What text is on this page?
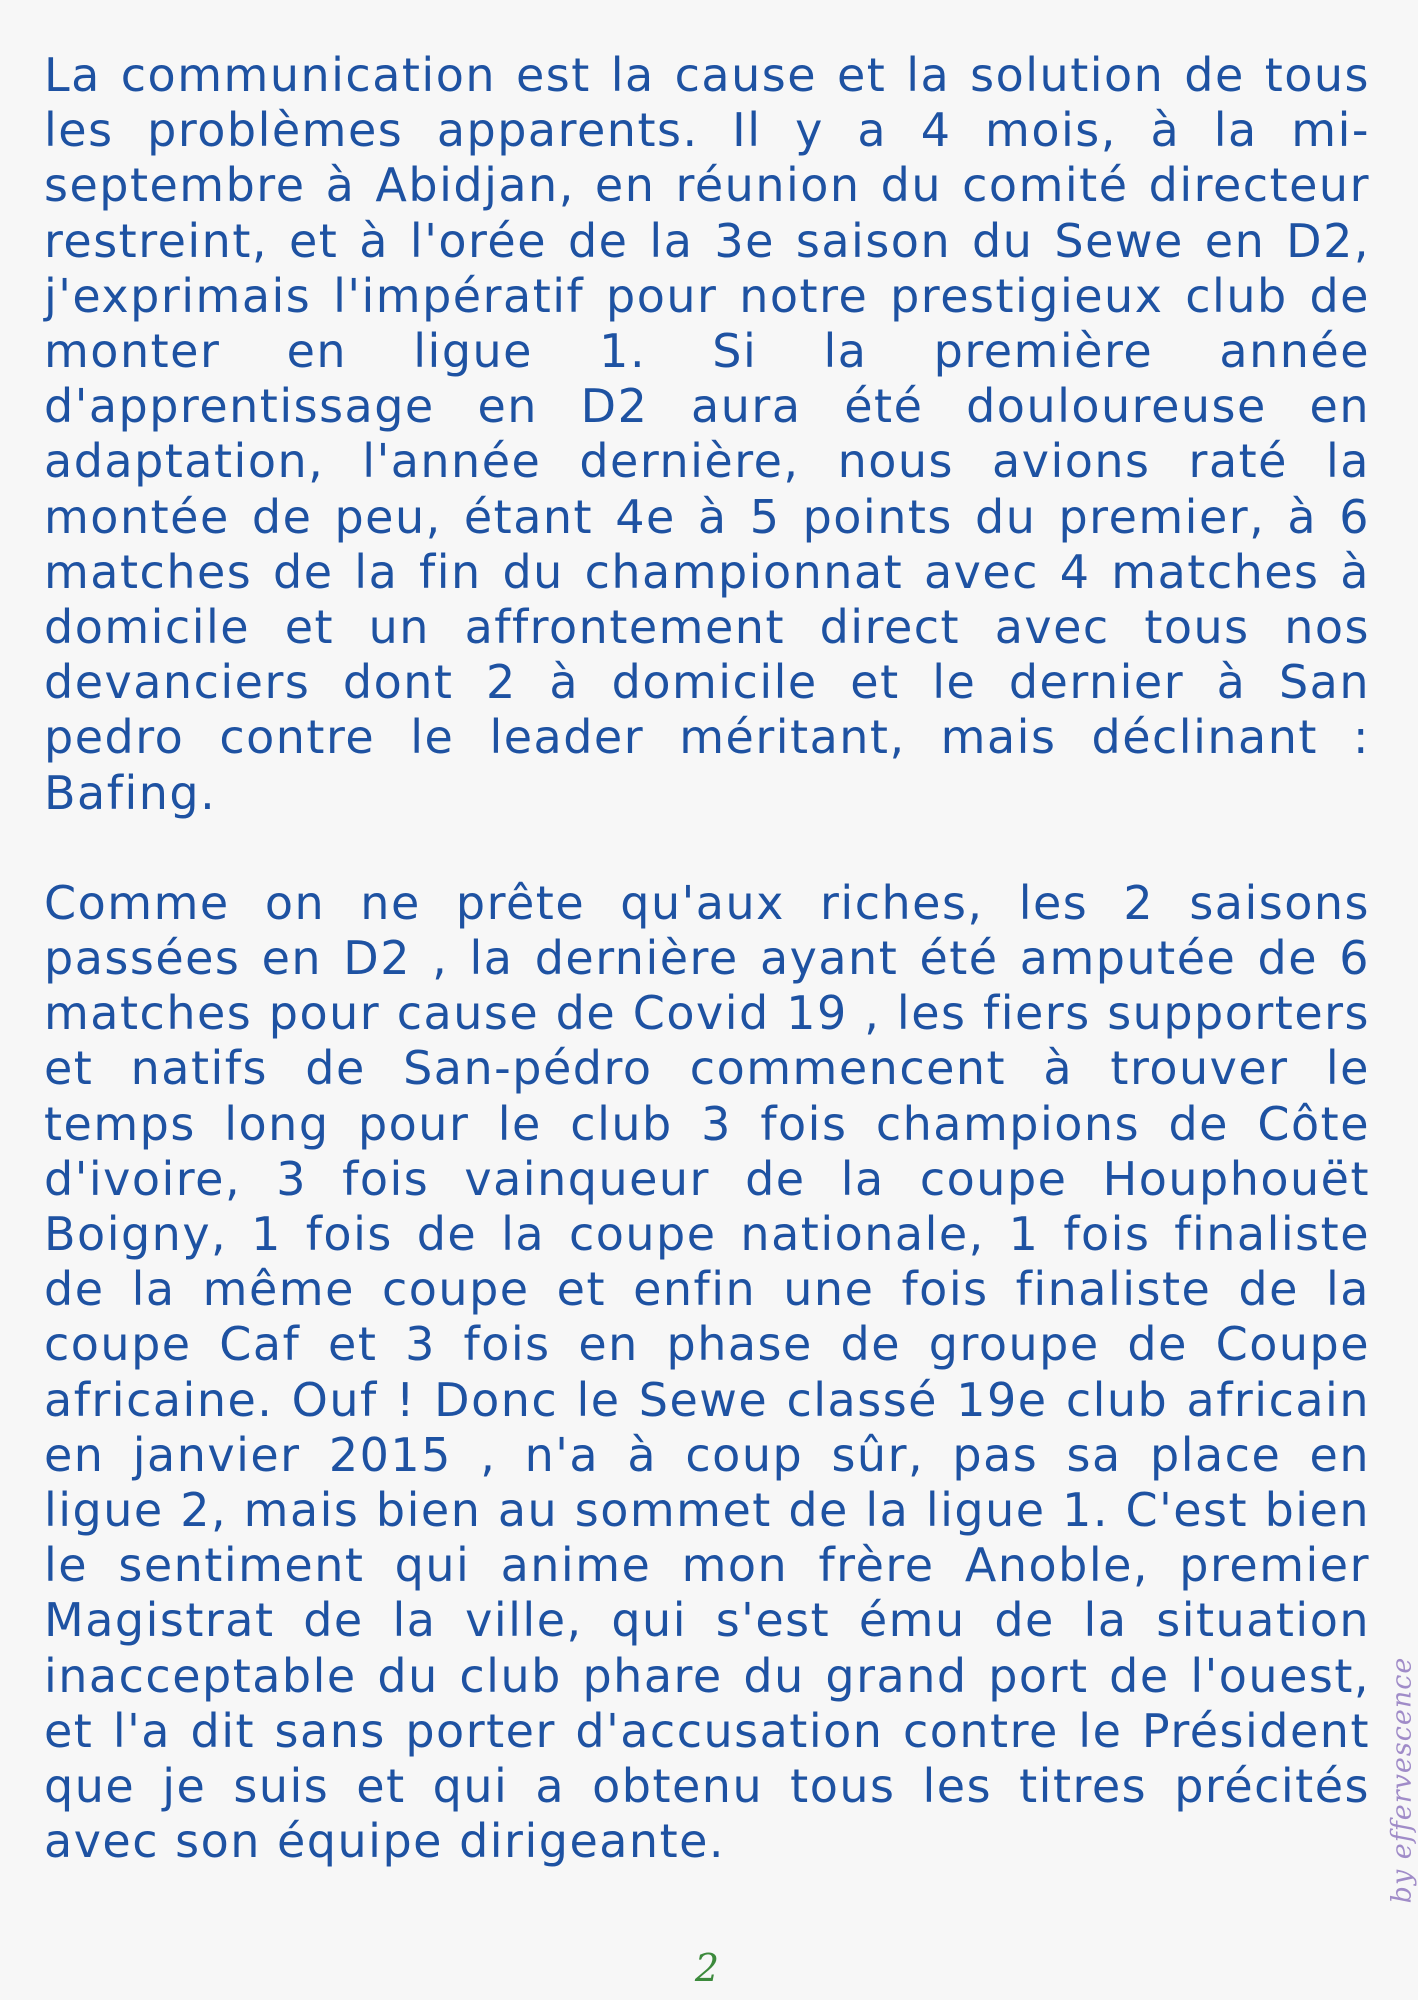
La communication est la cause et la solution de tous les problèmes apparents. Il y a 4 mois, à la mi-septembre à Abidjan, en réunion du comité directeur restreint, et à l'orée de la 3e saison du Sewe en D2, j'exprimais l'impératif pour notre prestigieux club de monter en ligue 1. Si la première année d'apprentissage en D2 aura été douloureuse en adaptation, l'année dernière, nous avions raté la montée de peu, étant 4e à 5 points du premier, à 6 matches de la fin du championnat avec 4 matches à domicile et un affrontement direct avec tous nos devanciers dont 2 à domicile et le dernier à San pedro contre le leader méritant, mais déclinant : Bafing.

Comme on ne prête qu'aux riches, les 2 saisons passées en D2 , la dernière ayant été amputée de 6 matches pour cause de Covid 19 , les fiers supporters et natifs de San-pédro commencent à trouver le temps long pour le club 3 fois champions de Côte d'ivoire, 3 fois vainqueur de la coupe Houphouët Boigny, 1 fois de la coupe nationale, 1 fois finaliste de la même coupe et enfin une fois finaliste de la coupe Caf et 3 fois en phase de groupe de Coupe africaine. Ouf ! Donc le Sewe classé 19e club africain en janvier 2015 , n'a à coup sûr, pas sa place en ligue 2, mais bien au sommet de la ligue 1. C'est bien le sentiment qui anime mon frère Anoble, premier Magistrat de la ville, qui s'est ému de la situation inacceptable du club phare du grand port de l'ouest, et l'a dit sans porter d'accusation contre le Président que je suis et qui a obtenu tous les titres précités avec son équipe dirigeante.

2
by effervescence
